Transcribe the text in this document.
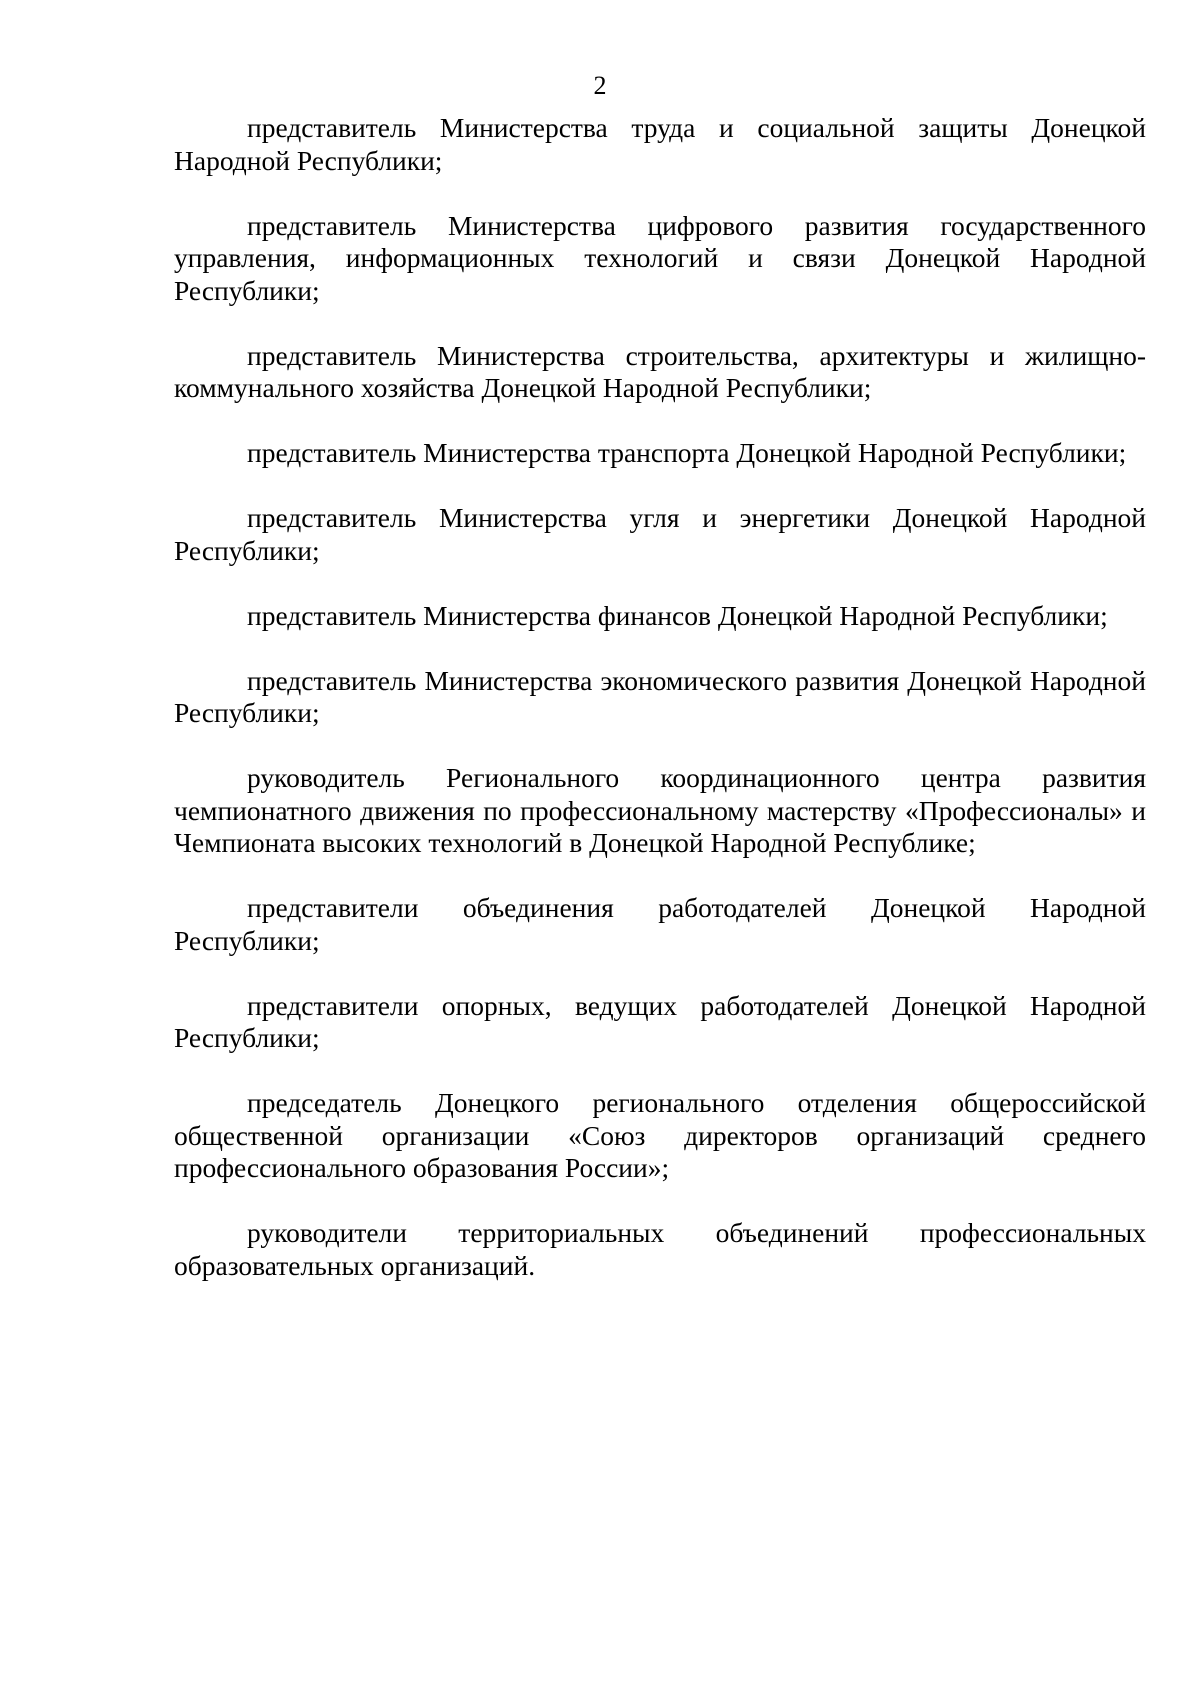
2

представитель Министерства труда и социальной защиты Донецкой Народной Республики;

представитель Министерства цифрового развития государственного управления, информационных технологий и связи Донецкой Народной Республики;

представитель Министерства строительства, архитектуры и жилищно-коммунального хозяйства Донецкой Народной Республики;

представитель Министерства транспорта Донецкой Народной Республики;

представитель Министерства угля и энергетики Донецкой Народной Республики;

представитель Министерства финансов Донецкой Народной Республики;

представитель Министерства экономического развития Донецкой Народной Республики;

руководитель Регионального координационного центра развития чемпионатного движения по профессиональному мастерству «Профессионалы» и Чемпионата высоких технологий в Донецкой Народной Республике;

представители объединения работодателей Донецкой Народной Республики;

представители опорных, ведущих работодателей Донецкой Народной Республики;

председатель Донецкого регионального отделения общероссийской общественной организации «Союз директоров организаций среднего профессионального образования России»;

руководители территориальных объединений профессиональных образовательных организаций.
